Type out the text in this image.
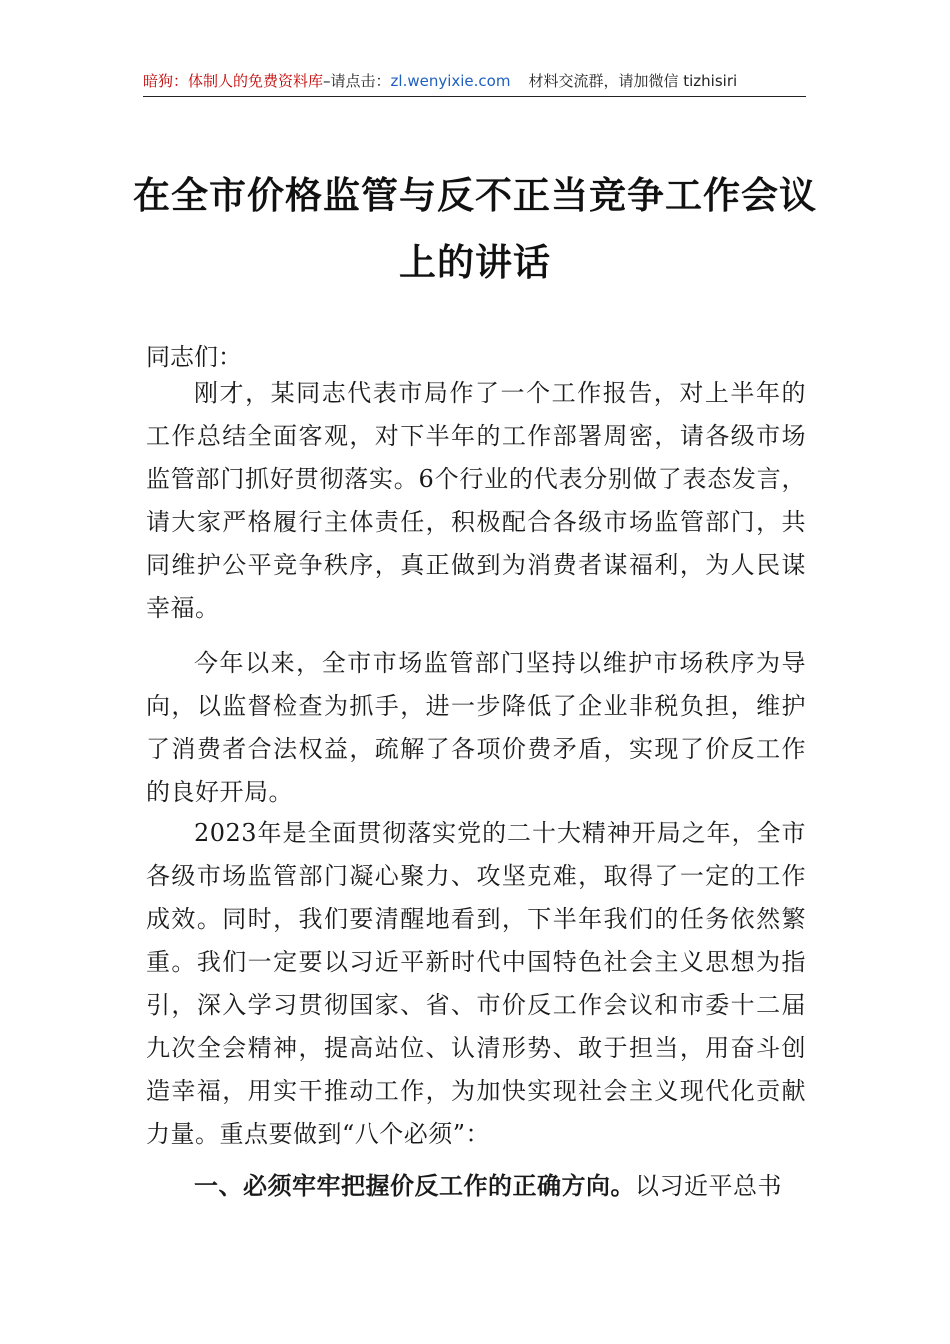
暗狗：体制人的免费资料库–请点击：zl.wenyixie.com 材料交流群，请加微信 tizhisiri
在全市价格监管与反不正当竞争工作会议
上的讲话
同志们：

刚才，某同志代表市局作了一个工作报告，对上半年的工作总结全面客观，对下半年的工作部署周密，请各级市场监管部门抓好贯彻落实。6个行业的代表分别做了表态发言，请大家严格履行主体责任，积极配合各级市场监管部门，共同维护公平竞争秩序，真正做到为消费者谋福利，为人民谋幸福。

今年以来，全市市场监管部门坚持以维护市场秩序为导向，以监督检查为抓手，进一步降低了企业非税负担，维护了消费者合法权益，疏解了各项价费矛盾，实现了价反工作的良好开局。

2023年是全面贯彻落实党的二十大精神开局之年，全市各级市场监管部门凝心聚力、攻坚克难，取得了一定的工作成效。同时，我们要清醒地看到，下半年我们的任务依然繁重。我们一定要以习近平新时代中国特色社会主义思想为指引，深入学习贯彻国家、省、市价反工作会议和市委十二届九次全会精神，提高站位、认清形势、敢于担当，用奋斗创造幸福，用实干推动工作，为加快实现社会主义现代化贡献力量。重点要做到“八个必须”：

一、必须牢牢把握价反工作的正确方向。以习近平总书
